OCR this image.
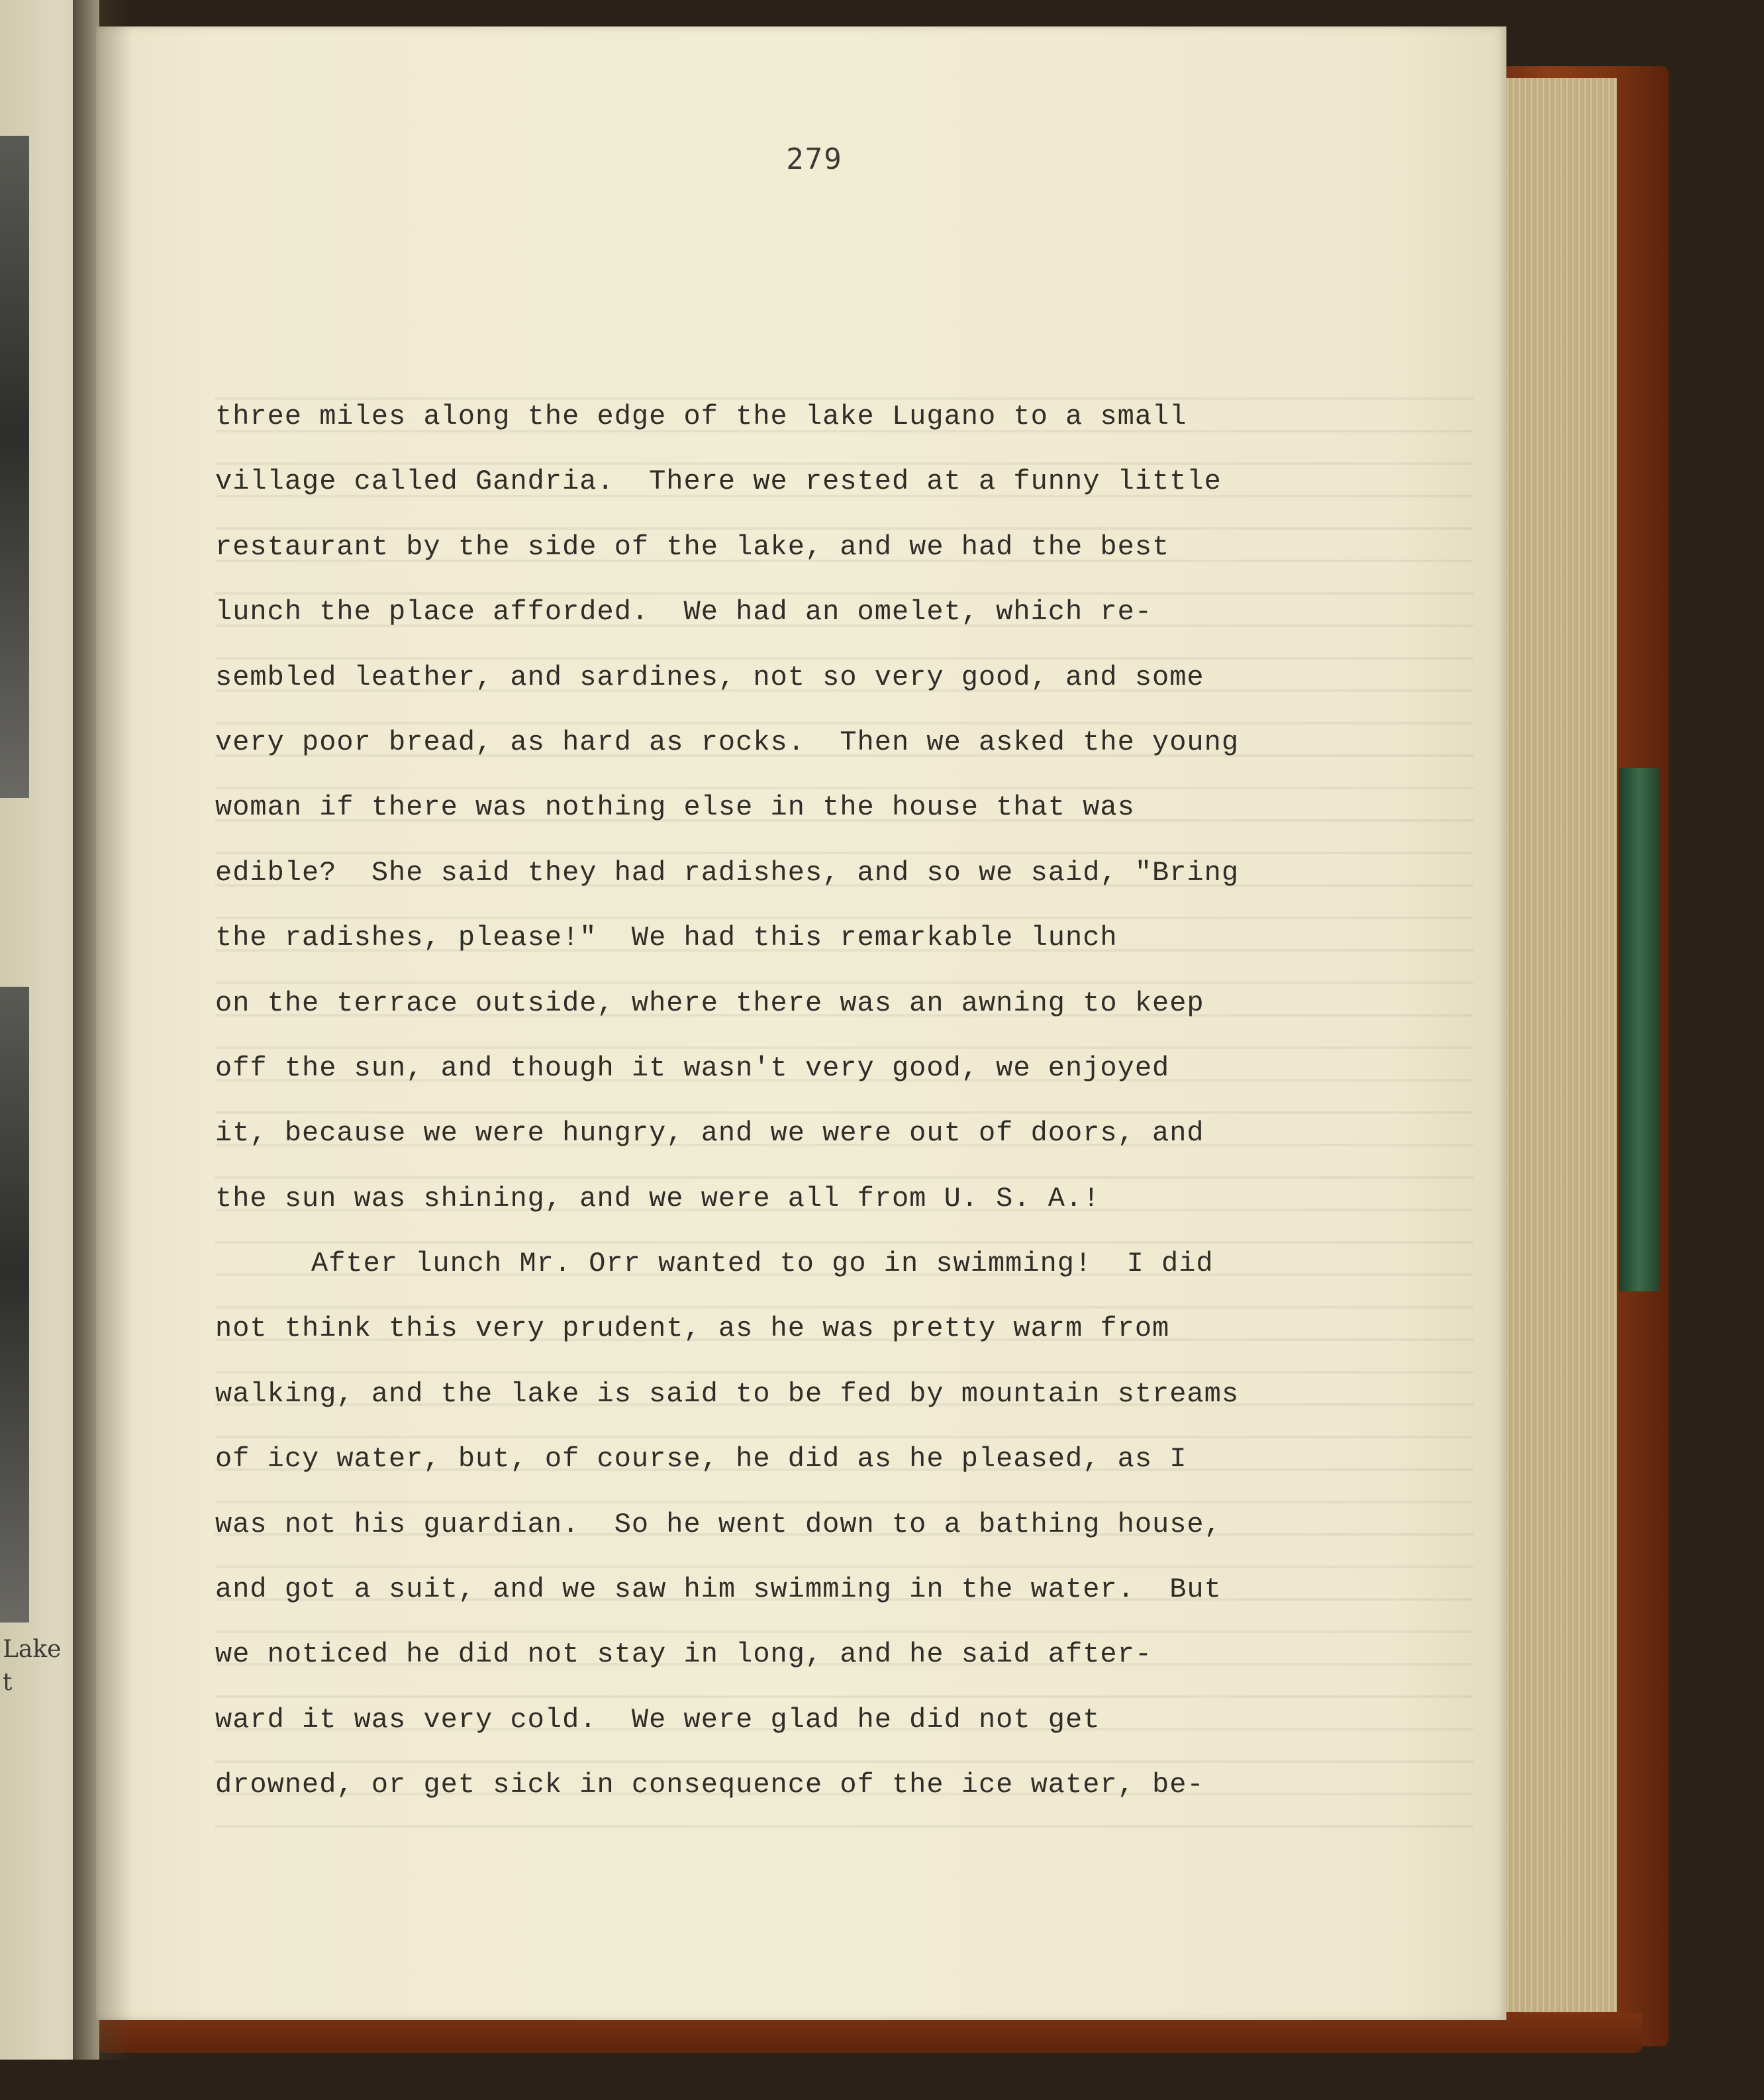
Lake
t
279
three miles along the edge of the lake Lugano to a small
village called Gandria.  There we rested at a funny little
restaurant by the side of the lake, and we had the best
lunch the place afforded.  We had an omelet, which re-
sembled leather, and sardines, not so very good, and some
very poor bread, as hard as rocks.  Then we asked the young
woman if there was nothing else in the house that was
edible?  She said they had radishes, and so we said, "Bring
the radishes, please!"  We had this remarkable lunch
on the terrace outside, where there was an awning to keep
off the sun, and though it wasn't very good, we enjoyed
it, because we were hungry, and we were out of doors, and
the sun was shining, and we were all from U. S. A.!
After lunch Mr. Orr wanted to go in swimming!  I did
not think this very prudent, as he was pretty warm from
walking, and the lake is said to be fed by mountain streams
of icy water, but, of course, he did as he pleased, as I
was not his guardian.  So he went down to a bathing house,
and got a suit, and we saw him swimming in the water.  But
we noticed he did not stay in long, and he said after-
ward it was very cold.  We were glad he did not get
drowned, or get sick in consequence of the ice water, be-
